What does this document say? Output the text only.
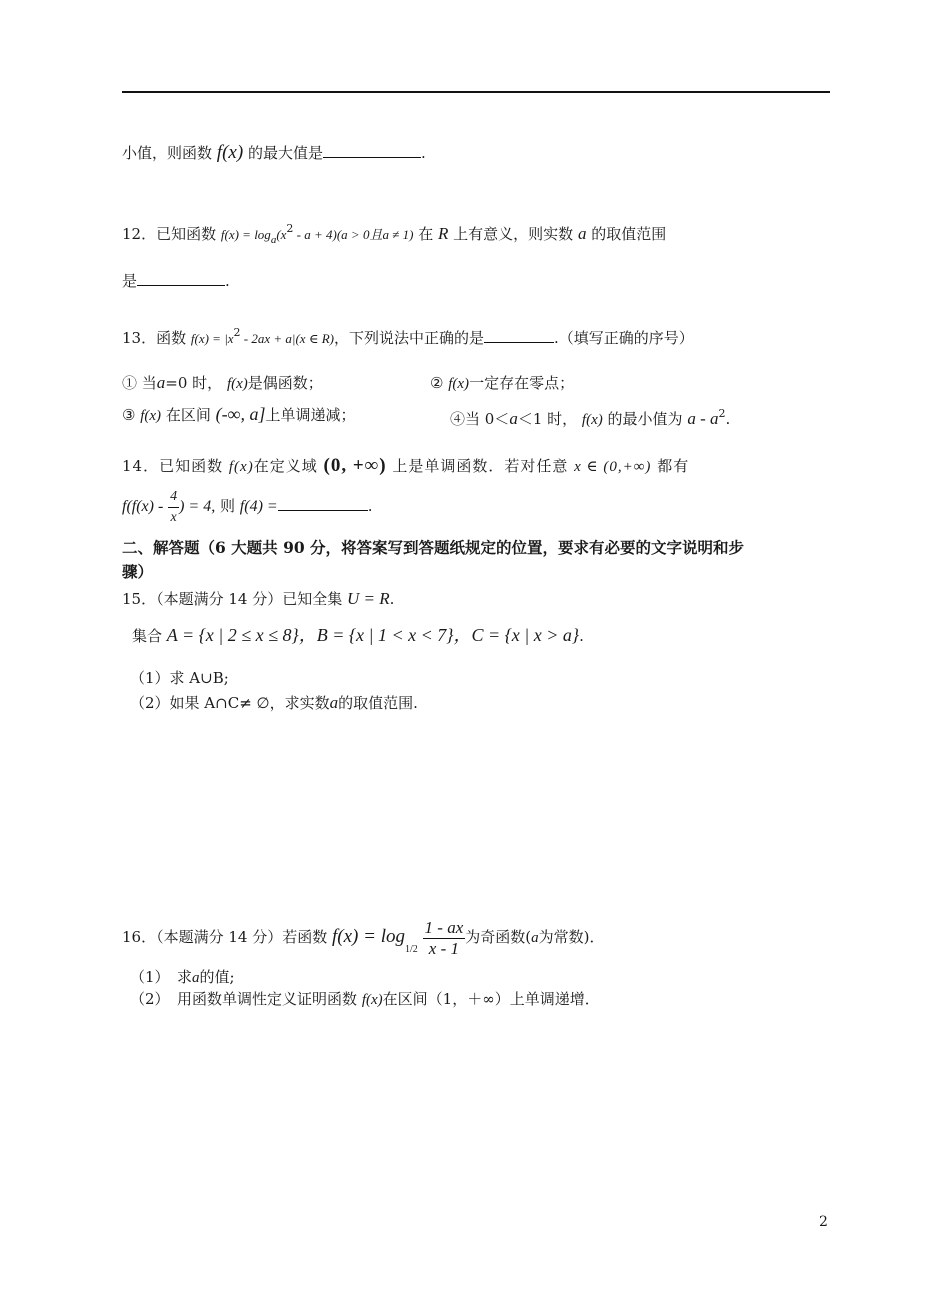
小值，则函数 f(x) 的最大值是	.
12．已知函数 $f(x) = \log_a(x^2 - a + 4)(a > 0$且a ≠ 1) 在 R 上有意义，则实数 a 的取值范围
是	.
13．函数 $f(x) = |x^2 - 2ax + a|(x$ ∈ R)，下列说法中正确的是	.（填写正确的序号）
① 当a=0 时， f(x)是偶函数；	② f(x)一定存在零点；
③ f(x) 在区间 (-∞, a]上单调递减；	④当 0＜a＜1 时， f(x) 的最小值为 a - $a^2$.
14．已知函数 f(x)在定义域 (0, +∞) 上是单调函数．若对任意 x ∈ (0,+∞) 都有
$f(f(x) - \frac{4}{x}$ ) = 4, 则 f(4) =	.
二、解答题（6 大题共 90 分，将答案写到答题纸规定的位置，要求有必要的文字说明和步
骤）
15．（本题满分 14 分）已知全集 U = R.
集合 A = {x | 2 ≤ x ≤ 8}，B = {x | 1 < x < 7}，C = {x | x > a}.
（1）求 A∪B;
（2）如果 A∩C≠ ∅，求实数a的取值范围.
16．（本题满分 14 分）若函数 $f(x) = \log_{1/2} \frac{1 - ax}{x - 1}$ 为奇函数(a为常数)．
（1）　求a的值;
（2）　用函数单调性定义证明函数 f(x)在区间（1，＋∞）上单调递增．
2
